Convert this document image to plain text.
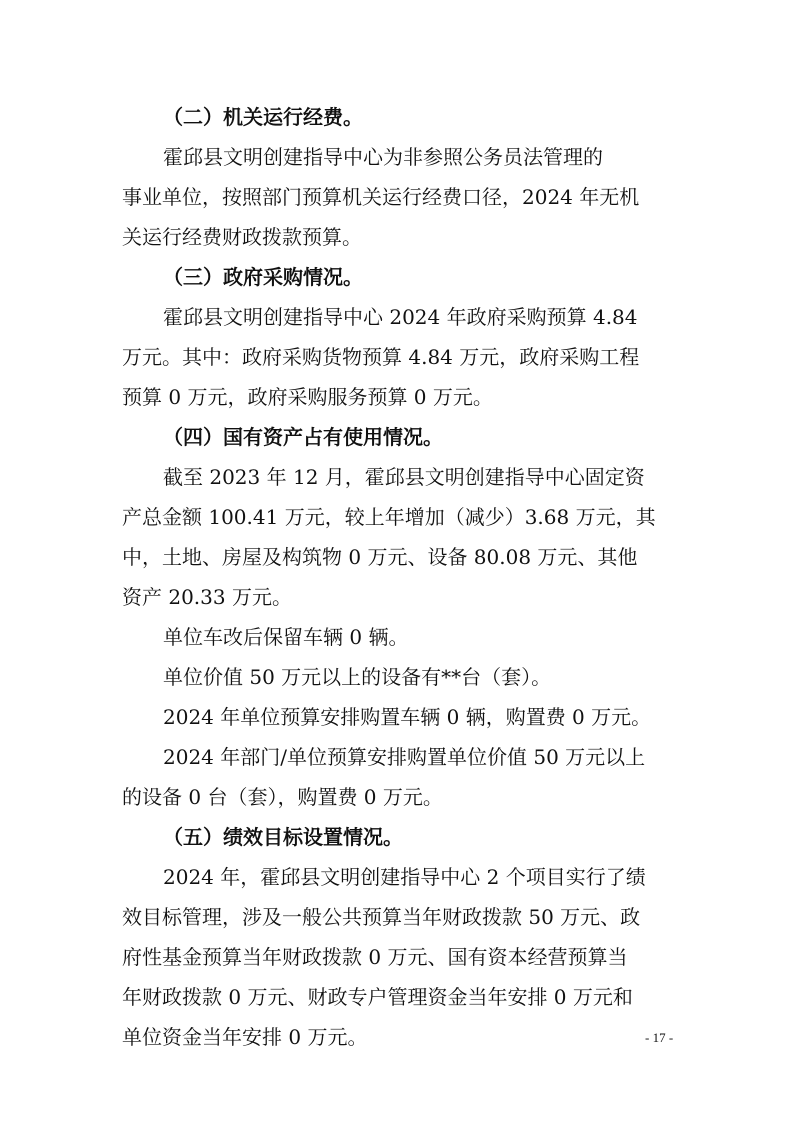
（二）机关运行经费。
霍邱县文明创建指导中心为非参照公务员法管理的
事业单位，按照部门预算机关运行经费口径，2024 年无机
关运行经费财政拨款预算。
（三）政府采购情况。
霍邱县文明创建指导中心 2024 年政府采购预算 4.84
万元。其中：政府采购货物预算 4.84 万元，政府采购工程
预算 0 万元，政府采购服务预算 0 万元。
（四）国有资产占有使用情况。
截至 2023 年 12 月，霍邱县文明创建指导中心固定资
产总金额 100.41 万元，较上年增加（减少）3.68 万元，其
中，土地、房屋及构筑物 0 万元、设备 80.08 万元、其他
资产 20.33 万元。
单位车改后保留车辆 0 辆。
单位价值 50 万元以上的设备有**台（套）。
2024 年单位预算安排购置车辆 0 辆，购置费 0 万元。
2024 年部门/单位预算安排购置单位价值 50 万元以上
的设备 0 台（套），购置费 0 万元。
（五）绩效目标设置情况。
2024 年，霍邱县文明创建指导中心 2 个项目实行了绩
效目标管理，涉及一般公共预算当年财政拨款 50 万元、政
府性基金预算当年财政拨款 0 万元、国有资本经营预算当
年财政拨款 0 万元、财政专户管理资金当年安排 0 万元和
单位资金当年安排 0 万元。	- 17 -
